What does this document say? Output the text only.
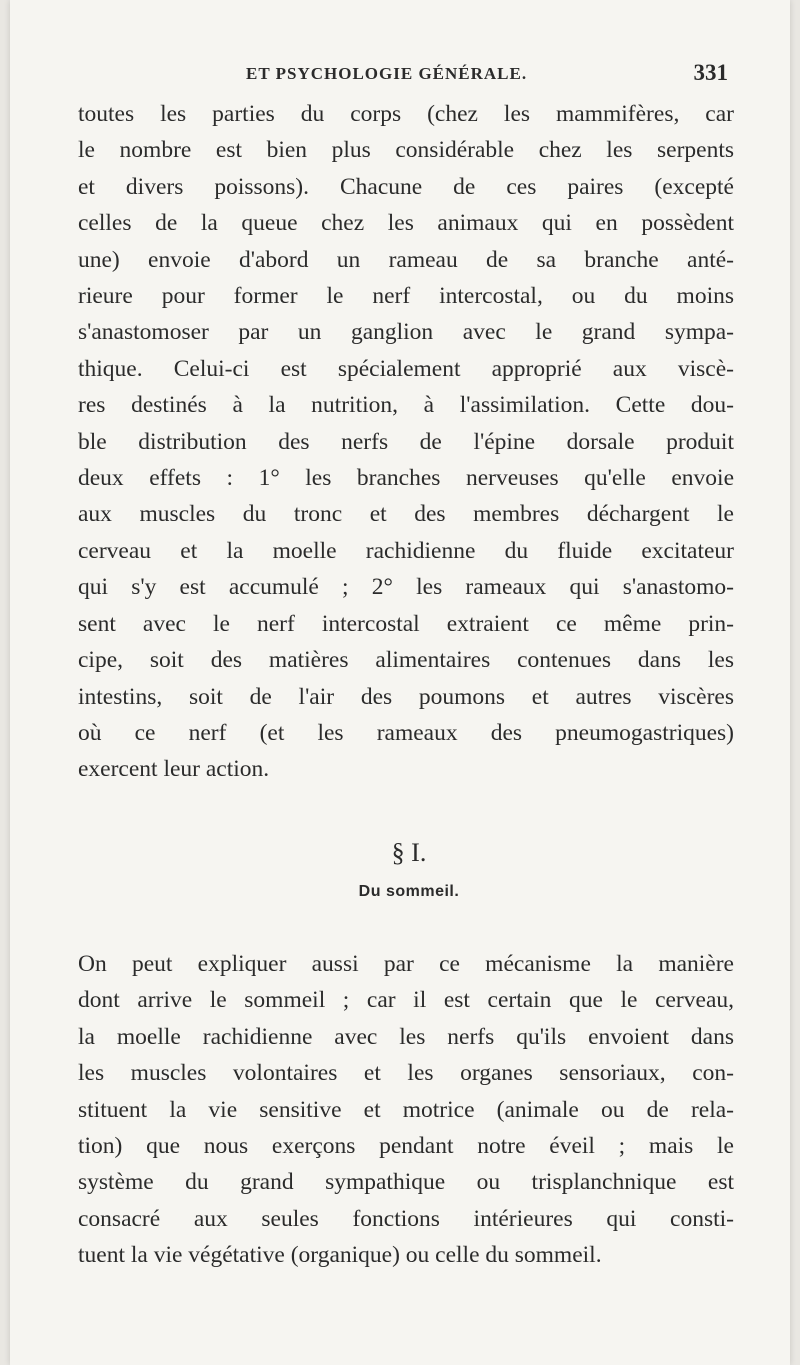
ET PSYCHOLOGIE GÉNÉRALE.	331
toutes les parties du corps (chez les mammifères, car
le nombre est bien plus considérable chez les serpents
et divers poissons). Chacune de ces paires (excepté
celles de la queue chez les animaux qui en possèdent
une) envoie d'abord un rameau de sa branche anté-
rieure pour former le nerf intercostal, ou du moins
s'anastomoser par un ganglion avec le grand sympa-
thique. Celui-ci est spécialement approprié aux viscè-
res destinés à la nutrition, à l'assimilation. Cette dou-
ble distribution des nerfs de l'épine dorsale produit
deux effets : 1° les branches nerveuses qu'elle envoie
aux muscles du tronc et des membres déchargent le
cerveau et la moelle rachidienne du fluide excitateur
qui s'y est accumulé ; 2° les rameaux qui s'anastomo-
sent avec le nerf intercostal extraient ce même prin-
cipe, soit des matières alimentaires contenues dans les
intestins, soit de l'air des poumons et autres viscères
où ce nerf (et les rameaux des pneumogastriques)
exercent leur action.
§ I.
Du sommeil.
On peut expliquer aussi par ce mécanisme la manière
dont arrive le sommeil ; car il est certain que le cerveau,
la moelle rachidienne avec les nerfs qu'ils envoient dans
les muscles volontaires et les organes sensoriaux, con-
stituent la vie sensitive et motrice (animale ou de rela-
tion) que nous exerçons pendant notre éveil ; mais le
système du grand sympathique ou trisplanchnique est
consacré aux seules fonctions intérieures qui consti-
tuent la vie végétative (organique) ou celle du sommeil.
